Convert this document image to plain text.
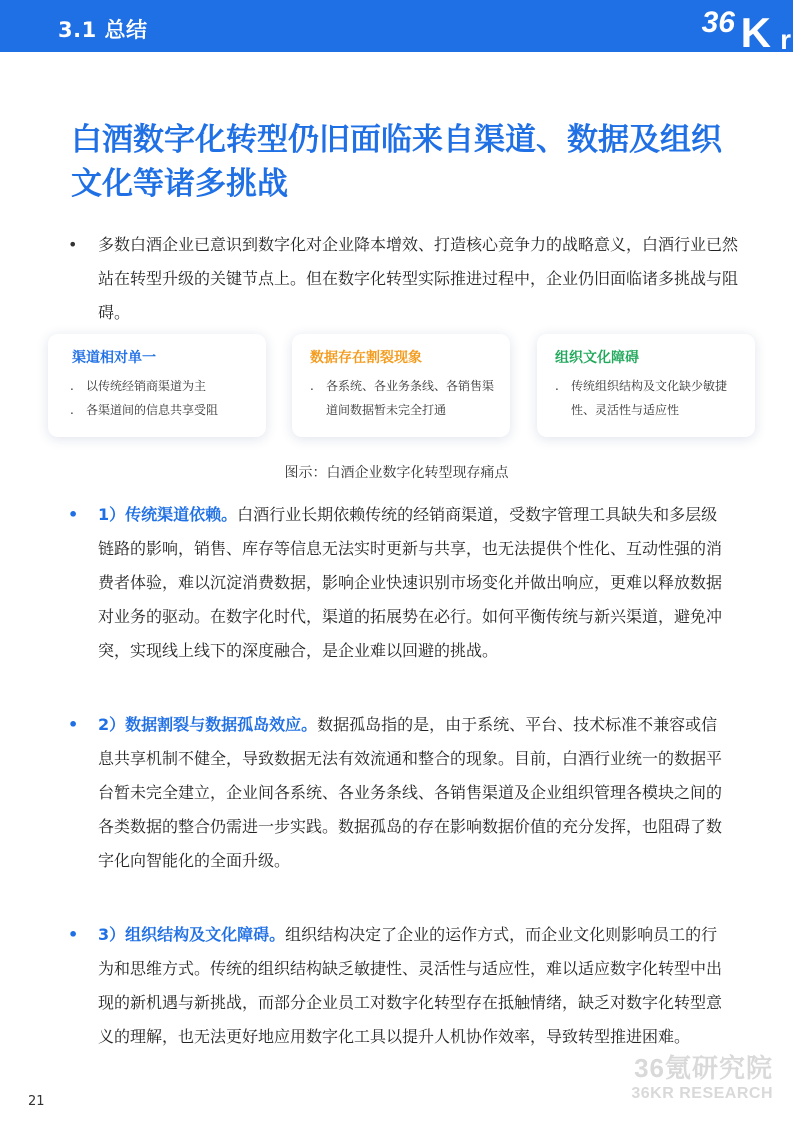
3.1 总结	36 K r
白酒数字化转型仍旧面临来自渠道、数据及组织文化等诸多挑战
• 多数白酒企业已意识到数字化对企业降本增效、打造核心竞争力的战略意义，白酒行业已然站在转型升级的关键节点上。但在数字化转型实际推进过程中，企业仍旧面临诸多挑战与阻碍。

渠道相对单一
. 以传统经销商渠道为主
. 各渠道间的信息共享受阻
数据存在割裂现象
. 各系统、各业务条线、各销售渠道间数据暂未完全打通
组织文化障碍
. 传统组织结构及文化缺少敏捷性、灵活性与适应性
图示：白酒企业数字化转型现存痛点
• 1）传统渠道依赖。白酒行业长期依赖传统的经销商渠道，受数字管理工具缺失和多层级链路的影响，销售、库存等信息无法实时更新与共享，也无法提供个性化、互动性强的消费者体验，难以沉淀消费数据，影响企业快速识别市场变化并做出响应，更难以释放数据对业务的驱动。在数字化时代，渠道的拓展势在必行。如何平衡传统与新兴渠道，避免冲突，实现线上线下的深度融合，是企业难以回避的挑战。

• 2）数据割裂与数据孤岛效应。数据孤岛指的是，由于系统、平台、技术标准不兼容或信息共享机制不健全，导致数据无法有效流通和整合的现象。目前，白酒行业统一的数据平台暂未完全建立，企业间各系统、各业务条线、各销售渠道及企业组织管理各模块之间的各类数据的整合仍需进一步实践。数据孤岛的存在影响数据价值的充分发挥，也阻碍了数字化向智能化的全面升级。

• 3）组织结构及文化障碍。组织结构决定了企业的运作方式，而企业文化则影响员工的行为和思维方式。传统的组织结构缺乏敏捷性、灵活性与适应性，难以适应数字化转型中出现的新机遇与新挑战，而部分企业员工对数字化转型存在抵触情绪，缺乏对数字化转型意义的理解，也无法更好地应用数字化工具以提升人机协作效率，导致转型推进困难。

21
36氪研究院
36KR RESEARCH
